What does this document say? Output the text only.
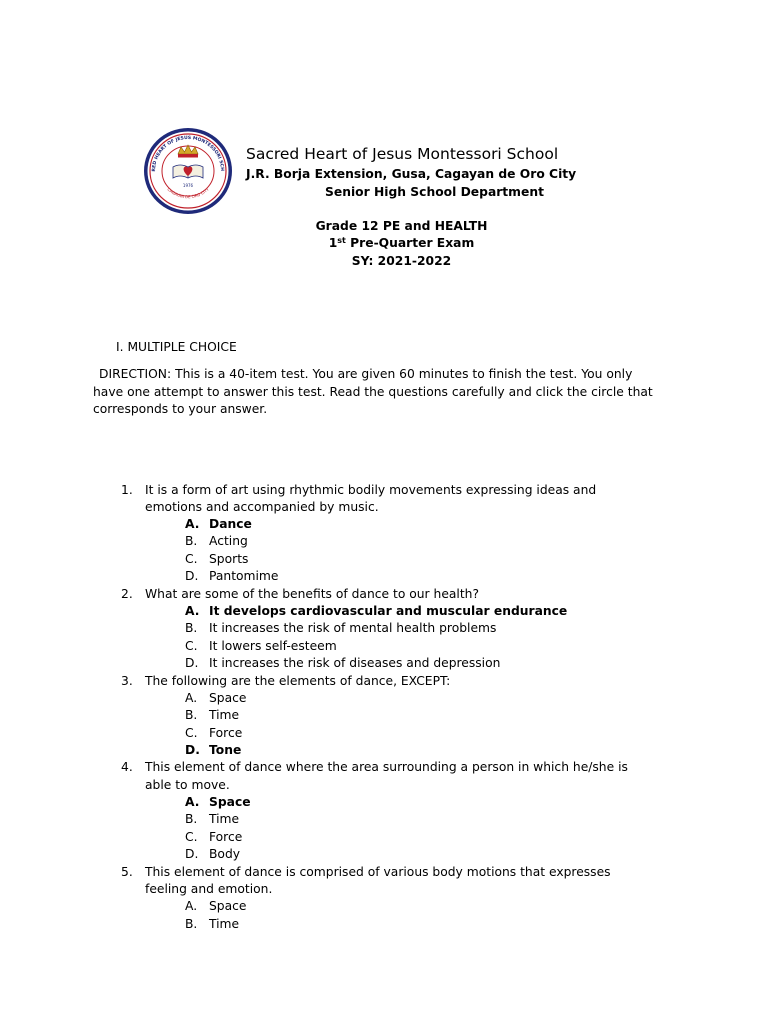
RED HEART OF JESUS MONTESSORI SCH
CAGAYAN DE ORO CITY
1976
Sacred Heart of Jesus Montessori School
J.R. Borja Extension, Gusa, Cagayan de Oro City
Senior High School Department
Grade 12 PE and HEALTH
1st Pre-Quarter Exam
SY: 2021-2022
I. MULTIPLE CHOICE
DIRECTION: This is a 40-item test. You are given 60 minutes to finish the test. You only have one attempt to answer this test. Read the questions carefully and click the circle that corresponds to your answer.
1. It is a form of art using rhythmic bodily movements expressing ideas and emotions and accompanied by music.
A. Dance
B. Acting
C. Sports
D. Pantomime
2. What are some of the benefits of dance to our health?
A. It develops cardiovascular and muscular endurance
B. It increases the risk of mental health problems
C. It lowers self-esteem
D. It increases the risk of diseases and depression
3. The following are the elements of dance, EXCEPT:
A. Space
B. Time
C. Force
D. Tone
4. This element of dance where the area surrounding a person in which he/she is able to move.
A. Space
B. Time
C. Force
D. Body
5. This element of dance is comprised of various body motions that expresses feeling and emotion.
A. Space
B. Time
